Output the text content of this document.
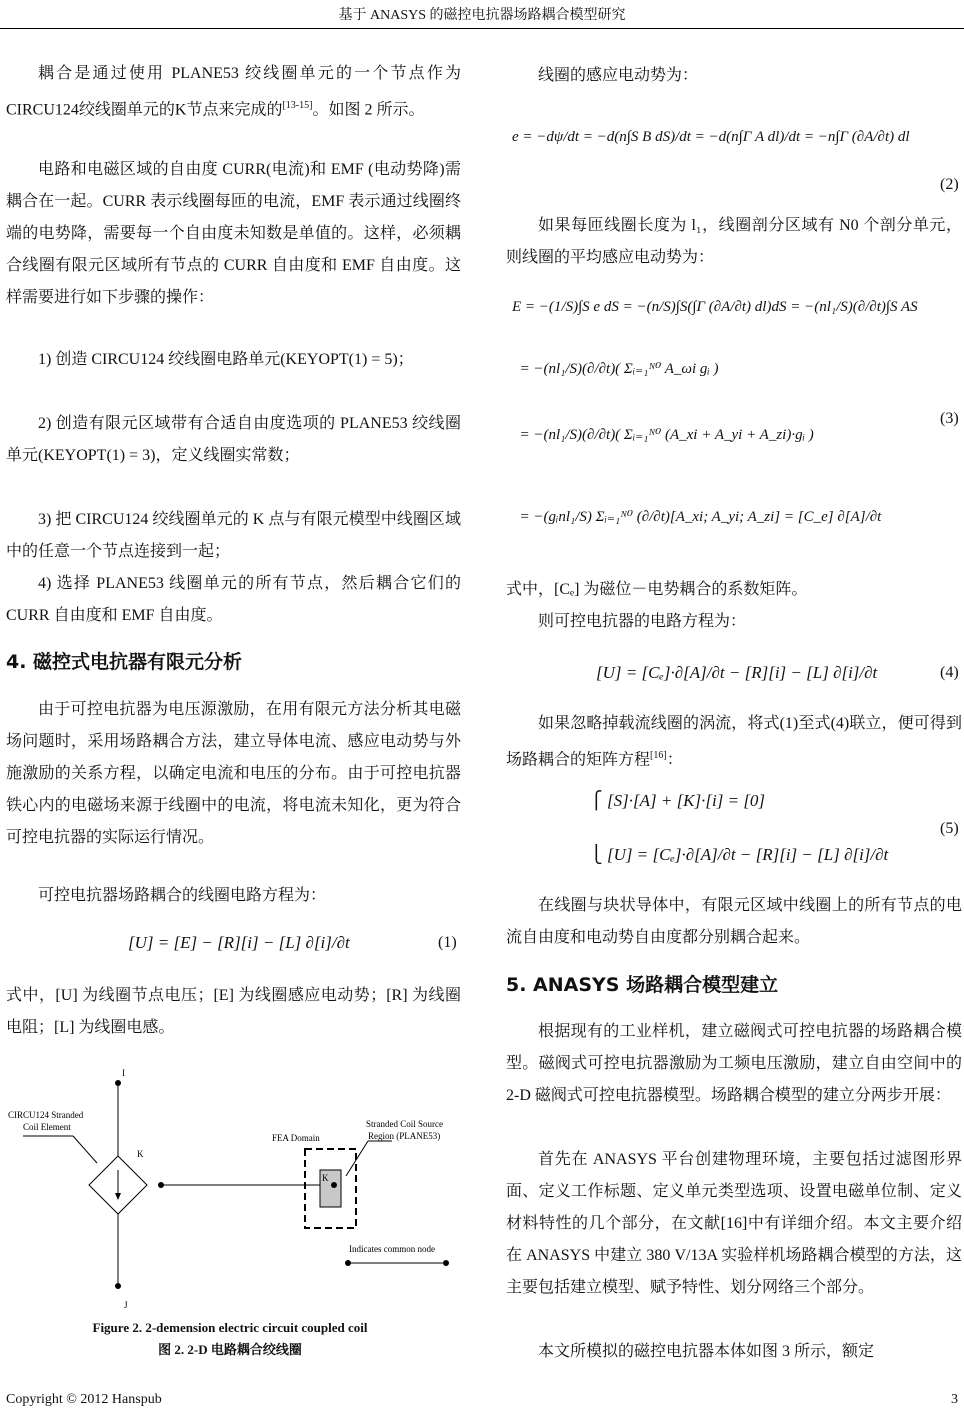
基于 ANASYS 的磁控电抗器场路耦合模型研究
耦合是通过使用 PLANE53 绞线圈单元的一个节点作为CIRCU124绞线圈单元的K节点来完成的[13-15]。如图 2 所示。
电路和电磁区域的自由度 CURR(电流)和 EMF (电动势降)需耦合在一起。CURR 表示线圈每匝的电流，EMF 表示通过线圈终端的电势降，需要每一个自由度未知数是单值的。这样，必须耦合线圈有限元区域所有节点的 CURR 自由度和 EMF 自由度。这样需要进行如下步骤的操作：
1) 创造 CIRCU124 绞线圈电路单元(KEYOPT(1) = 5)；
2) 创造有限元区域带有合适自由度选项的 PLANE53 绞线圈单元(KEYOPT(1) = 3)，定义线圈实常数；
3) 把 CIRCU124 绞线圈单元的 K 点与有限元模型中线圈区域中的任意一个节点连接到一起；
4) 选择 PLANE53 线圈单元的所有节点，然后耦合它们的 CURR 自由度和 EMF 自由度。
4. 磁控式电抗器有限元分析
由于可控电抗器为电压源激励，在用有限元方法分析其电磁场问题时，采用场路耦合方法，建立导体电流、感应电动势与外施激励的关系方程，以确定电流和电压的分布。由于可控电抗器铁心内的电磁场来源于线圈中的电流，将电流未知化，更为符合可控电抗器的实际运行情况。
可控电抗器场路耦合的线圈电路方程为：
[U] = [E] − [R][i] − [L] ∂[i]/∂t	(1)
式中，[U] 为线圈节点电压；[E] 为线圈感应电动势；[R] 为线圈电阻；[L] 为线圈电感。
I
J
K
CIRCU124 Stranded
Coil Element
FEA Domain
K
Stranded Coil Source
Region (PLANE53)
Indicates common node
Figure 2. 2-demension electric circuit coupled coil
图 2. 2-D 电路耦合绞线圈
线圈的感应电动势为：
e = −dψ/dt = −d(n∫S B dS)/dt = −d(n∫Γ A dl)/dt = −n∫Γ (∂A/∂t) dl
(2)
如果每匝线圈长度为 l₁，线圈剖分区域有 N0 个剖分单元，则线圈的平均感应电动势为：
E = −(1/S)∫S e dS = −(n/S)∫S(∫Γ (∂A/∂t) dl)dS = −(nl₁/S)(∂/∂t)∫S AS
= −(nl₁/S)(∂/∂t)( Σᵢ₌₁ᴺ⁰ A_ωi gᵢ )
= −(nl₁/S)(∂/∂t)( Σᵢ₌₁ᴺ⁰ (A_xi + A_yi + A_zi)·gᵢ )
= −(gᵢnl₁/S) Σᵢ₌₁ᴺ⁰ (∂/∂t)[A_xi; A_yi; A_zi] = [C_e] ∂[A]/∂t
(3)
式中，[Cₑ] 为磁位－电势耦合的系数矩阵。
则可控电抗器的电路方程为：
[U] = [Cₑ]·∂[A]/∂t − [R][i] − [L] ∂[i]/∂t	(4)
如果忽略掉载流线圈的涡流，将式(1)至式(4)联立，便可得到场路耦合的矩阵方程[16]：
⎧ [S]·[A] + [K]·[i] = [0]
⎩ [U] = [Cₑ]·∂[A]/∂t − [R][i] − [L] ∂[i]/∂t
(5)
在线圈与块状导体中，有限元区域中线圈上的所有节点的电流自由度和电动势自由度都分别耦合起来。
5. ANASYS 场路耦合模型建立
根据现有的工业样机，建立磁阀式可控电抗器的场路耦合模型。磁阀式可控电抗器激励为工频电压激励，建立自由空间中的 2-D 磁阀式可控电抗器模型。场路耦合模型的建立分两步开展：
首先在 ANASYS 平台创建物理环境，主要包括过滤图形界面、定义工作标题、定义单元类型选项、设置电磁单位制、定义材料特性的几个部分，在文献[16]中有详细介绍。本文主要介绍在 ANASYS 中建立 380 V/13A 实验样机场路耦合模型的方法，这主要包括建立模型、赋予特性、划分网络三个部分。
本文所模拟的磁控电抗器本体如图 3 所示，额定
Copyright © 2012 Hanspub	3
